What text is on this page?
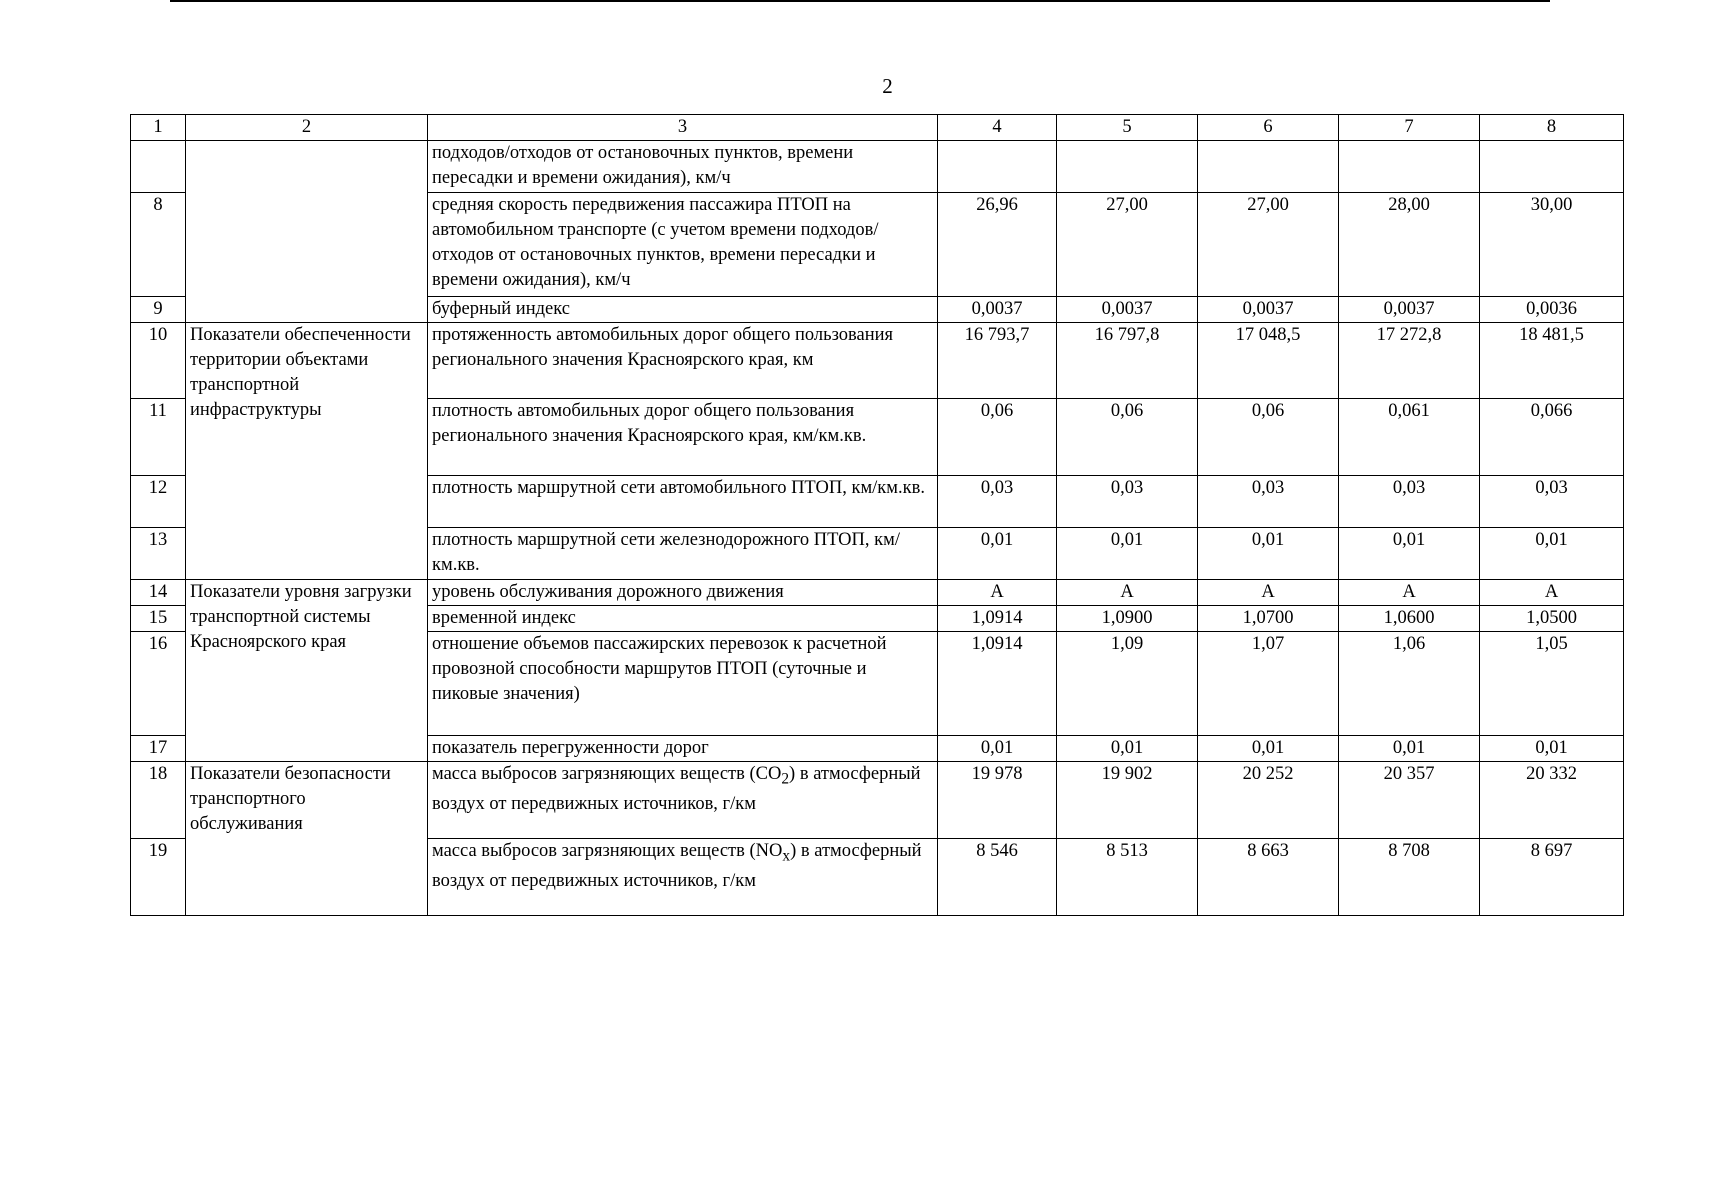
2
1	2	3	4	5	6	7	8
		подходов/отходов от остановочных пунктов, времени пересадки и времени ожидания), км/ч					
8		средняя скорость передвижения пассажира ПТОП на автомобильном транспорте (с учетом времени подходов/отходов от остановочных пунктов, времени пересадки и времени ожидания), км/ч	26,96	27,00	27,00	28,00	30,00
9		буферный индекс	0,0037	0,0037	0,0037	0,0037	0,0036
10	Показатели обеспеченности территории объектами транспортной инфраструктуры	протяженность автомобильных дорог общего пользования регионального значения Красноярского края, км	16 793,7	16 797,8	17 048,5	17 272,8	18 481,5
11		плотность автомобильных дорог общего пользования регионального значения Красноярского края, км/км.кв.	0,06	0,06	0,06	0,061	0,066
12		плотность маршрутной сети автомобильного ПТОП, км/км.кв.	0,03	0,03	0,03	0,03	0,03
13		плотность маршрутной сети железнодорожного ПТОП, км/км.кв.	0,01	0,01	0,01	0,01	0,01
14	Показатели уровня загрузки транспортной системы Красноярского края	уровень обслуживания дорожного движения	А	А	А	А	А
15		временной индекс	1,0914	1,0900	1,0700	1,0600	1,0500
16		отношение объемов пассажирских перевозок к расчетной провозной способности маршрутов ПТОП (суточные и пиковые значения)	1,0914	1,09	1,07	1,06	1,05
17		показатель перегруженности дорог	0,01	0,01	0,01	0,01	0,01
18	Показатели безопасности транспортного обслуживания	масса выбросов загрязняющих веществ $(CO_2)$ в атмосферный воздух от передвижных источников, г/км	19 978	19 902	20 252	20 357	20 332
19		масса выбросов загрязняющих веществ $(NO_x)$ в атмосферный воздух от передвижных источников, г/км	8 546	8 513	8 663	8 708	8 697
